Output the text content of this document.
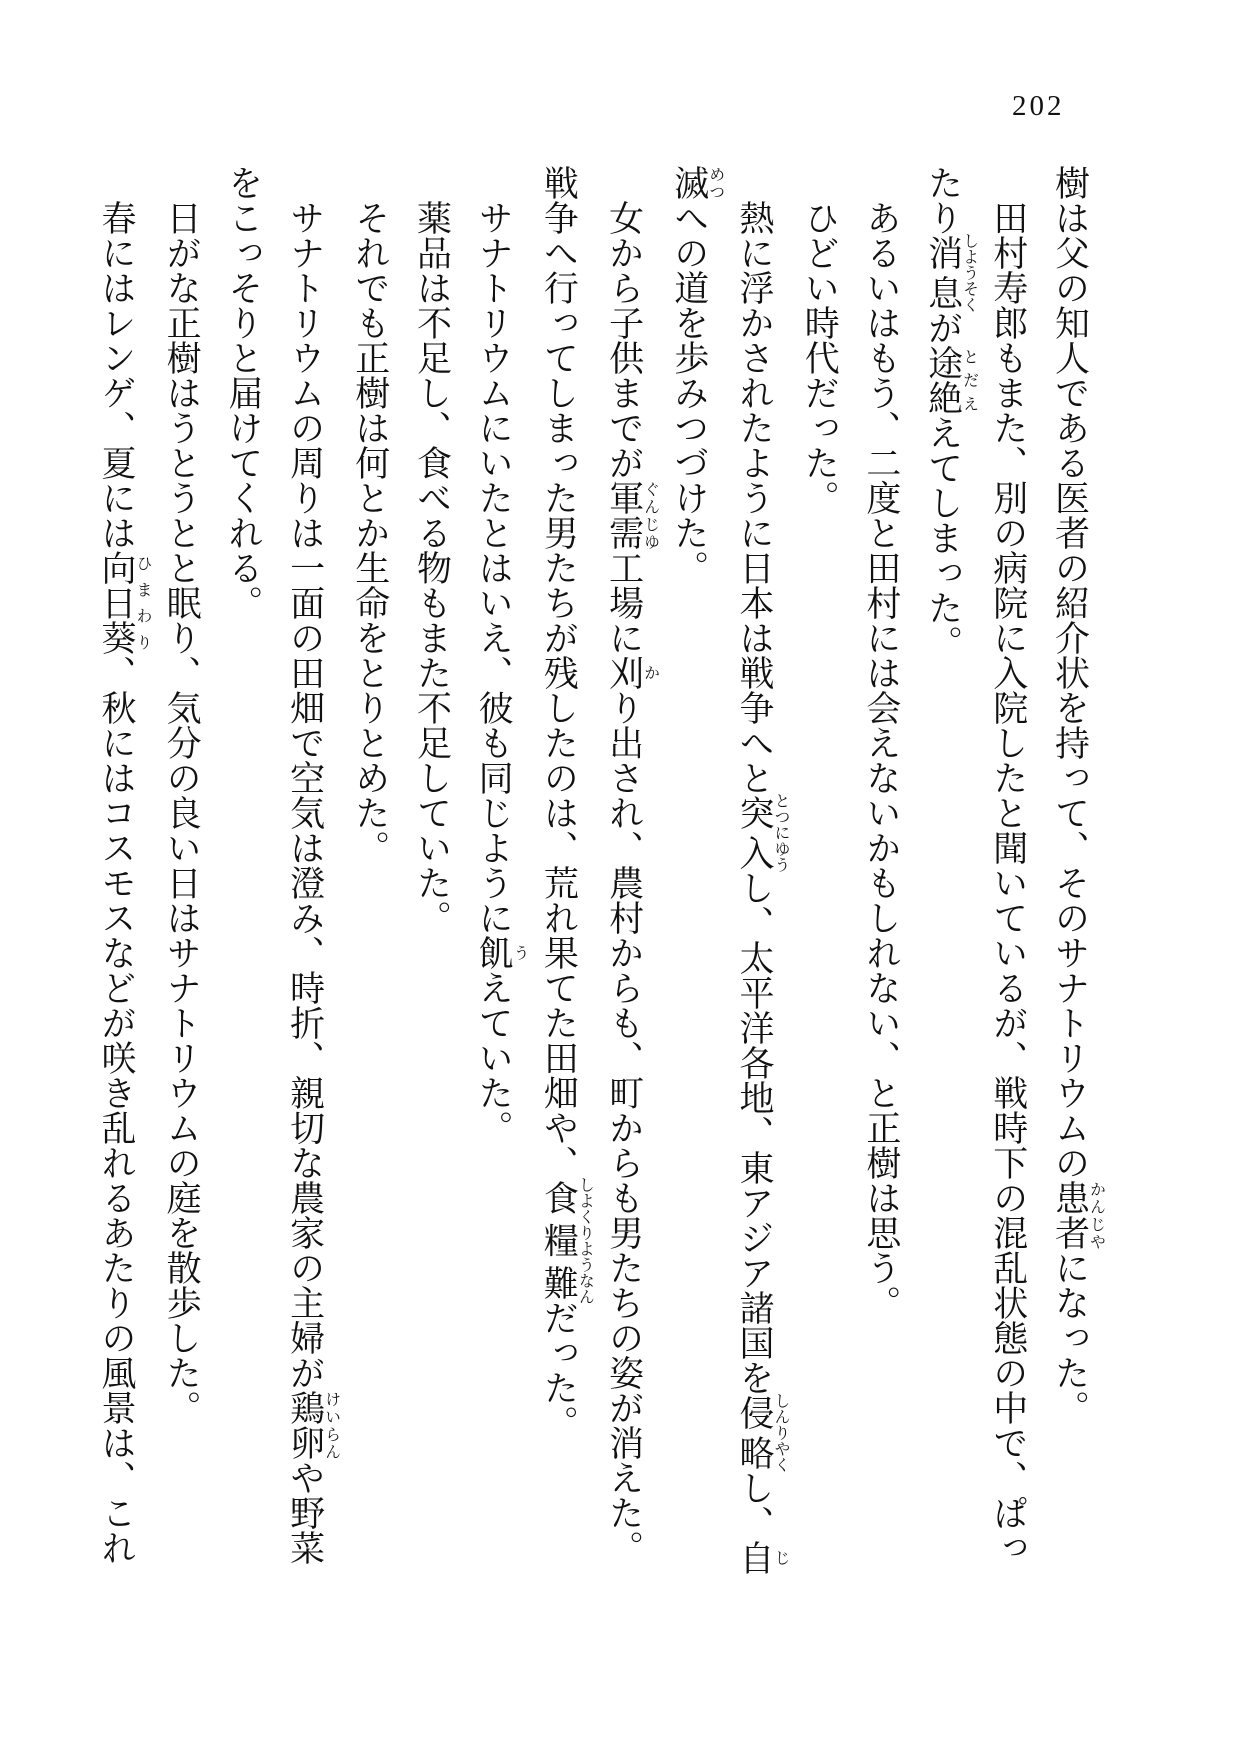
202
樹は父の知人である医者の紹介状を持って、そのサナトリウムの患者かんじやになった。
田村寿郎もまた、別の病院に入院したと聞いているが、戦時下の混乱状態の中で、ぱっ
たり消息しようそくが途絶とだええてしまった。
あるいはもう、二度と田村には会えないかもしれない、と正樹は思う。
ひどい時代だった。
熱に浮かされたように日本は戦争へと突入とつにゆうし、太平洋各地、東アジア諸国を侵略しんりやくし、自じ
滅めつへの道を歩みつづけた。
女から子供までが軍需ぐんじゆ工場に刈かり出され、農村からも、町からも男たちの姿が消えた。
戦争へ行ってしまった男たちが残したのは、荒れ果てた田畑や、食糧難しよくりようなんだった。
サナトリウムにいたとはいえ、彼も同じように飢うえていた。
薬品は不足し、食べる物もまた不足していた。
それでも正樹は何とか生命をとりとめた。
サナトリウムの周りは一面の田畑で空気は澄み、時折、親切な農家の主婦が鶏卵けいらんや野菜
をこっそりと届けてくれる。
日がな正樹はうとうとと眠り、気分の良い日はサナトリウムの庭を散歩した。
春にはレンゲ、夏には向日葵ひまわり、秋にはコスモスなどが咲き乱れるあたりの風景は、これ
